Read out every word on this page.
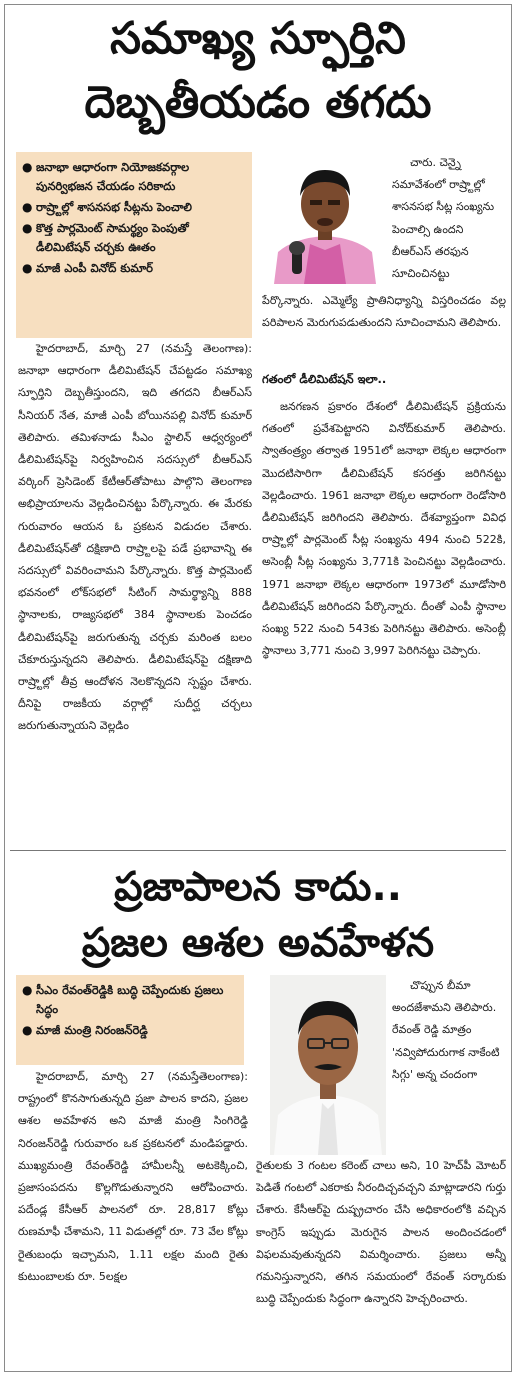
సమాఖ్య స్ఫూర్తిని
దెబ్బతీయడం తగదు
● జనాభా ఆధారంగా నియోజకవర్గాల పునర్విభజన చేయడం సరికాదు
● రాష్ర్టాల్లో శాసనసభ సీట్లను పెంచాలి
● కొత్త పార్లమెంట్ సామర్థ్యం పెంపుతో డీలిమిటేషన్ చర్చకు ఊతం
● మాజీ ఎంపీ వినోద్ కుమార్

హైదరాబాద్, మార్చి 27 (నమస్తే తెలంగాణ): జనాభా ఆధారంగా డీలిమిటేషన్ చేపట్టడం సమాఖ్య స్ఫూర్తిని దెబ్బతీస్తుందని, ఇది తగదని బీఆర్ఎస్ సీనియర్ నేత, మాజీ ఎంపీ బోయినపల్లి వినోద్ కుమార్ తెలిపారు. తమిళనాడు సీఎం స్టాలిన్ ఆధ్వర్యంలో డీలిమిటేషన్‌పై నిర్వహించిన సదస్సులో బీఆర్ఎస్ వర్కింగ్ ప్రెసిడెంట్ కేటీఆర్‌తోపాటు పాల్గొని తెలంగాణ అభిప్రాయాలను వెల్లడించినట్టు పేర్కొన్నారు. ఈ మేరకు గురువారం ఆయన ఓ ప్రకటన విడుదల చేశారు. డీలిమిటేషన్‌తో దక్షిణాది రాష్ర్టాలపై పడే ప్రభావాన్ని ఈ సదస్సులో వివరించామని పేర్కొన్నారు. కొత్త పార్లమెంట్ భవనంలో లోక్‌సభలో సీటింగ్ సామర్థ్యాన్ని 888 స్థానాలకు, రాజ్యసభలో 384 స్థానాలకు పెంచడం డీలిమిటేషన్‌పై జరుగుతున్న చర్చకు మరింత బలం చేకూరుస్తున్నదని తెలిపారు. డీలిమిటేషన్‌పై దక్షిణాది రాష్ర్టాల్లో తీవ్ర ఆందోళన నెలకొన్నదని స్పష్టం చేశారు. దీనిపై రాజకీయ వర్గాల్లో సుదీర్ఘ చర్చలు జరుగుతున్నాయని వెల్లడిం

చారు. చెన్నై సమావేశంలో రాష్ర్టాల్లో శాసనసభ సీట్ల సంఖ్యను పెంచాల్సి ఉందని బీఆర్ఎస్ తరఫున సూచించినట్టు

పేర్కొన్నారు. ఎమ్మెల్యే ప్రాతినిధ్యాన్ని విస్తరించడం వల్ల పరిపాలన మెరుగుపడుతుందని సూచించామని తెలిపారు.

గతంలో డీలిమిటేషన్ ఇలా..

జనగణన ప్రకారం దేశంలో డీలిమిటేషన్ ప్రక్రియను గతంలో ప్రవేశపెట్టారని వినోద్‌కుమార్ తెలిపారు. స్వాతంత్ర్యం తర్వాత 1951లో జనాభా లెక్కల ఆధారంగా మొదటిసారిగా డీలిమిటేషన్ కసరత్తు జరిగినట్టు వెల్లడించారు. 1961 జనాభా లెక్కల ఆధారంగా రెండోసారి డీలిమిటేషన్ జరిగిందని తెలిపారు. దేశవ్యాప్తంగా వివిధ రాష్ర్టాల్లో పార్లమెంట్ సీట్ల సంఖ్యను 494 నుంచి 522కి, అసెంబ్లీ సీట్ల సంఖ్యను 3,771కి పెంచినట్టు వెల్లడించారు. 1971 జనాభా లెక్కల ఆధారంగా 1973లో మూడోసారి డీలిమిటేషన్ జరిగిందని పేర్కొన్నారు. దీంతో ఎంపీ స్థానాల సంఖ్య 522 నుంచి 543కు పెరిగినట్టు తెలిపారు. అసెంబ్లీ స్థానాలు 3,771 నుంచి 3,997 పెరిగినట్టు చెప్పారు.

ప్రజాపాలన కాదు..
ప్రజల ఆశల అవహేళన
● సీఎం రేవంత్‌రెడ్డికి బుద్ధి చెప్పేందుకు ప్రజలు సిద్ధం
● మాజీ మంత్రి నిరంజన్‌రెడ్డి

హైదరాబాద్, మార్చి 27 (నమస్తేతెలంగాణ): రాష్ట్రంలో కొనసాగుతున్నది ప్రజా పాలన కాదని, ప్రజల ఆశల అవహేళన అని మాజీ మంత్రి సింగిరెడ్డి నిరంజన్‌రెడ్డి గురువారం ఒక ప్రకటనలో మండిపడ్డారు. ముఖ్యమంత్రి రేవంత్‌రెడ్డి హామీలన్నీ అటకెక్కించి, ప్రజాసంపదను కొల్లగొడుతున్నారని ఆరోపించారు. పదేండ్ల కేసీఆర్ పాలనలో రూ. 28,817 కోట్లు రుణమాఫీ చేశామని, 11 విడుతల్లో రూ. 73 వేల కోట్లు రైతుబంధు ఇచ్చామని, 1.11 లక్షల మంది రైతు కుటుంబాలకు రూ. 5లక్షల

చొప్పున బీమా అందజేశామని తెలిపారు. రేవంత్ రెడ్డి మాత్రం 'నవ్విపోదురుగాక నాకేంటి సిగ్గు' అన్న చందంగా

రైతులకు 3 గంటల కరెంట్ చాలు అని, 10 హెచ్‌పీ మోటర్ పెడితే గంటలో ఎకరాకు నీరందిచ్చవచ్చని మాట్లాడారని గుర్తు చేశారు. కేసీఆర్‌పై దుష్ప్రచారం చేసి అధికారంలోకి వచ్చిన కాంగ్రెస్ ఇప్పుడు మెరుగైన పాలన అందించడంలో విఫలమవుతున్నదని విమర్శించారు. ప్రజలు అన్నీ గమనిస్తున్నారని, తగిన సమయంలో రేవంత్ సర్కారుకు బుద్ధి చెప్పేందుకు సిద్ధంగా ఉన్నారని హెచ్చరించారు.
